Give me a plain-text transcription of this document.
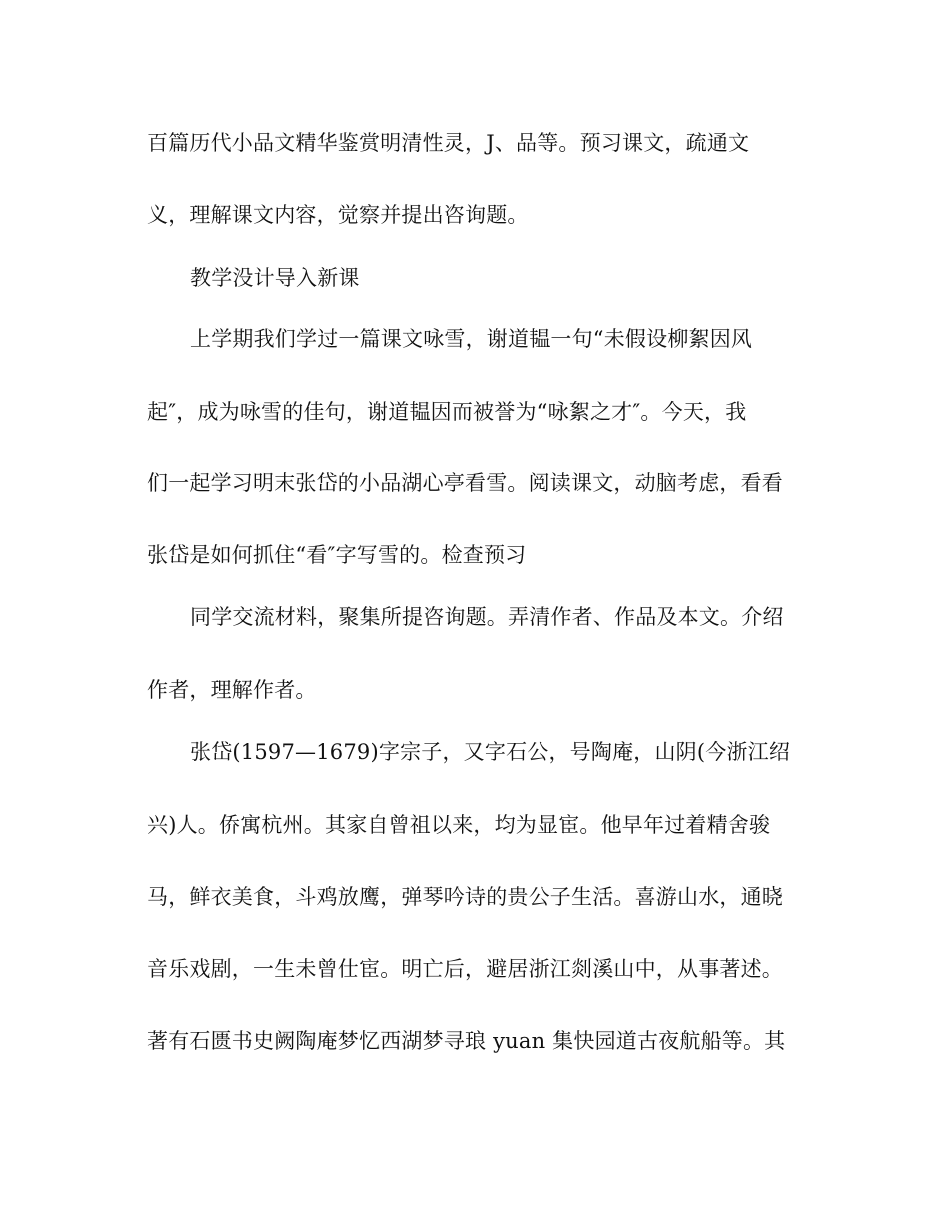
百篇历代小品文精华鉴赏明清性灵，J、品等。预习课文，疏通文
义，理解课文内容，觉察并提出咨询题。
教学没计导入新课
上学期我们学过一篇课文咏雪，谢道韫一句“未假设柳絮因风
起″，成为咏雪的佳句，谢道韫因而被誉为“咏絮之才″。今天，我
们一起学习明末张岱的小品湖心亭看雪。阅读课文，动脑考虑，看看
张岱是如何抓住“看″字写雪的。检查预习
同学交流材料，聚集所提咨询题。弄清作者、作品及本文。介绍
作者，理解作者。
张岱(1597—1679)字宗子，又字石公，号陶庵，山阴(今浙江绍
兴)人。侨寓杭州。其家自曾祖以来，均为显宦。他早年过着精舍骏
马，鲜衣美食，斗鸡放鹰，弹琴吟诗的贵公子生活。喜游山水，通晓
音乐戏剧，一生未曾仕宦。明亡后，避居浙江剡溪山中，从事著述。
著有石匮书史阙陶庵梦忆西湖梦寻琅 yuan 集快园道古夜航船等。其
